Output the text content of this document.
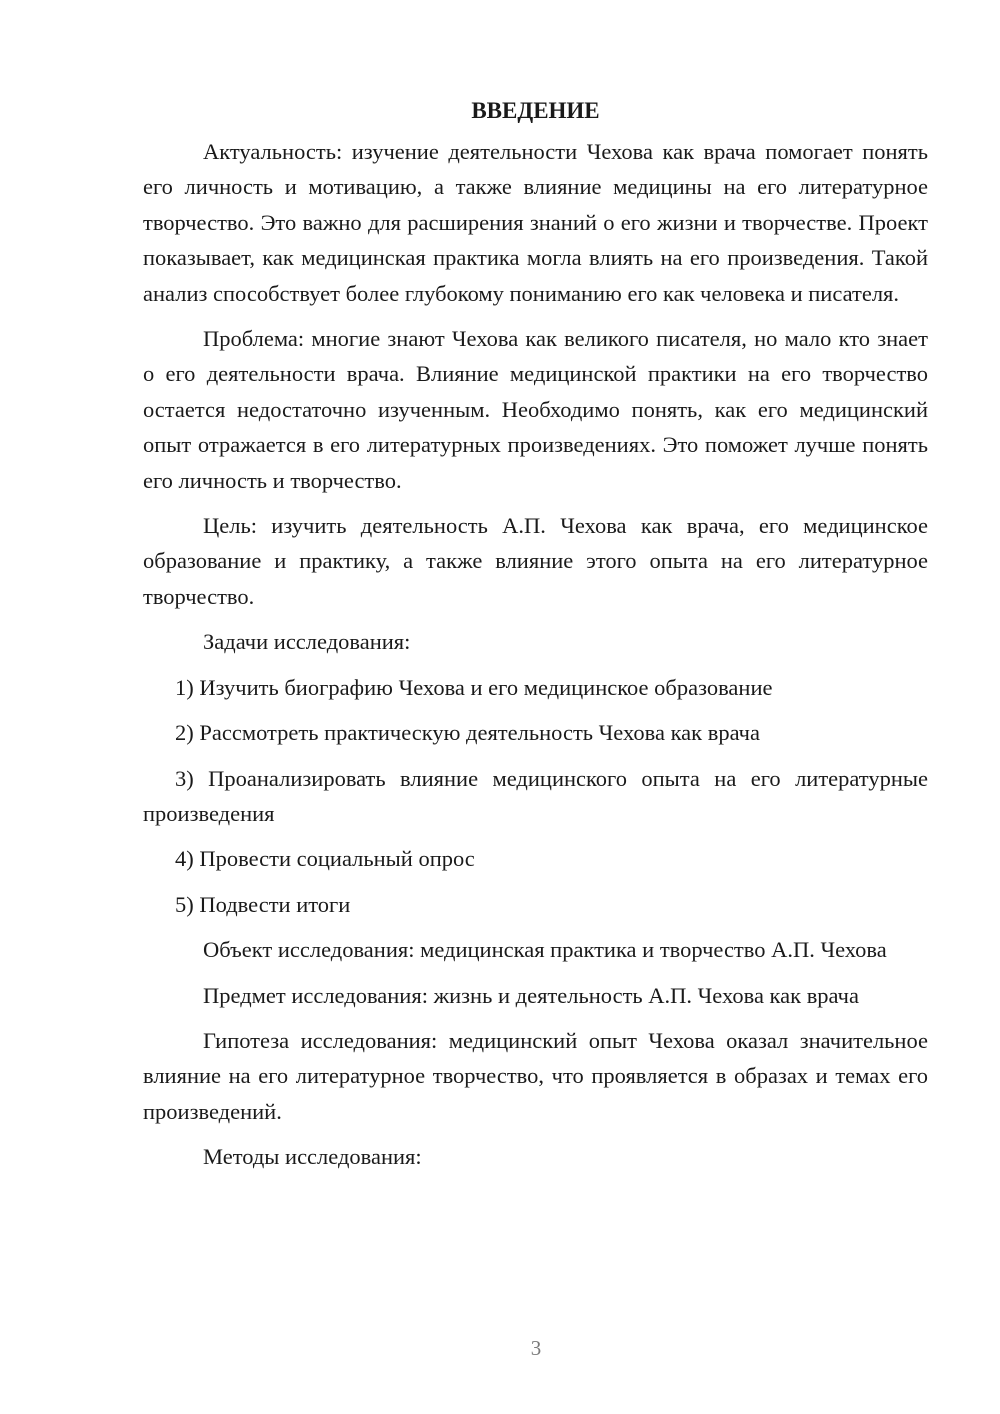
ВВЕДЕНИЕ

Актуальность: изучение деятельности Чехова как врача помогает понять его личность и мотивацию, а также влияние медицины на его литературное творчество. Это важно для расширения знаний о его жизни и творчестве. Проект показывает, как медицинская практика могла влиять на его произведения. Такой анализ способствует более глубокому пониманию его как человека и писателя.

Проблема: многие знают Чехова как великого писателя, но мало кто знает о его деятельности врача. Влияние медицинской практики на его творчество остается недостаточно изученным. Необходимо понять, как его медицинский опыт отражается в его литературных произведениях. Это поможет лучше понять его личность и творчество.

Цель: изучить деятельность А.П. Чехова как врача, его медицинское образование и практику, а также влияние этого опыта на его литературное творчество.

Задачи исследования:

1) Изучить биографию Чехова и его медицинское образование

2) Рассмотреть практическую деятельность Чехова как врача

3) Проанализировать влияние медицинского опыта на его литературные произведения

4) Провести социальный опрос

5) Подвести итоги

Объект исследования: медицинская практика и творчество А.П. Чехова

Предмет исследования: жизнь и деятельность А.П. Чехова как врача

Гипотеза исследования: медицинский опыт Чехова оказал значительное влияние на его литературное творчество, что проявляется в образах и темах его произведений.

Методы исследования:

3
